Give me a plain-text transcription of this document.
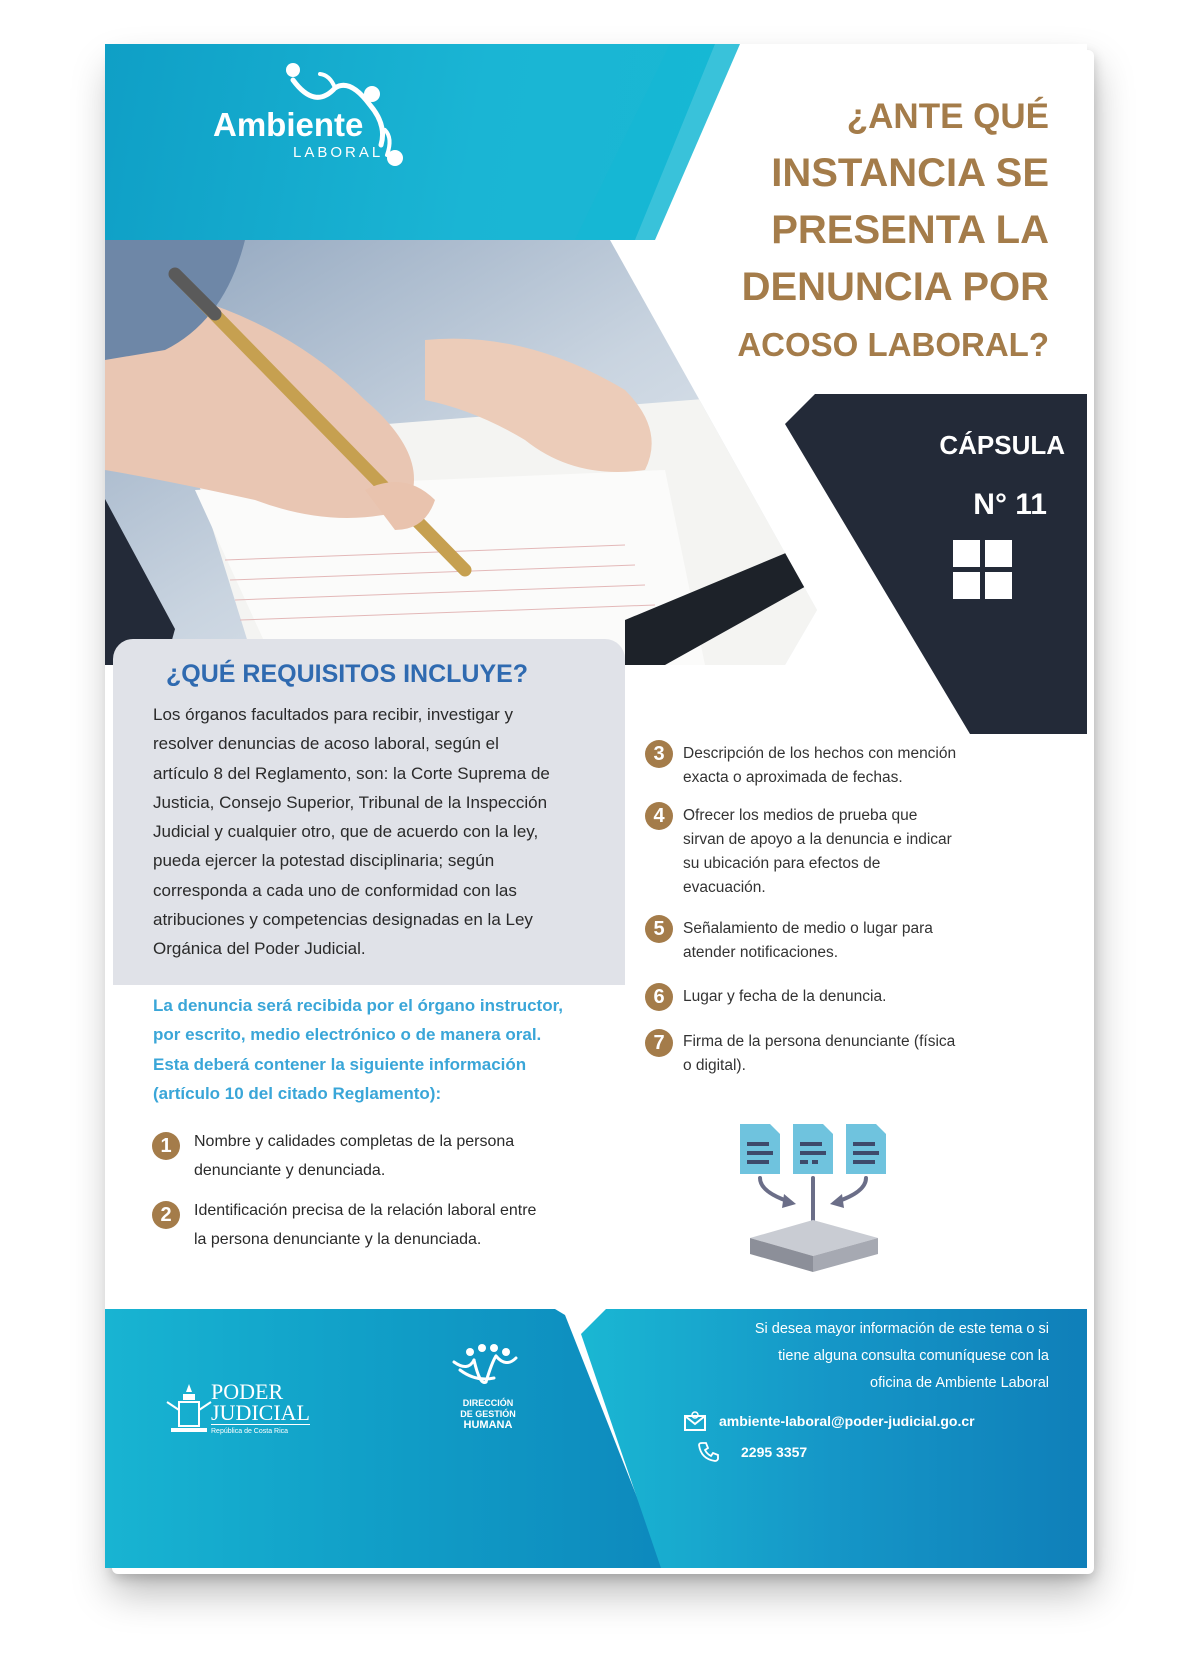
Ambiente
LABORAL
¿ANTE QUÉ
INSTANCIA SE
PRESENTA LA
DENUNCIA POR
ACOSO LABORAL?
CÁPSULA
N° 11
¿QUÉ REQUISITOS INCLUYE?
Los órganos facultados para recibir, investigar y
resolver denuncias de acoso laboral, según el
artículo 8 del Reglamento, son: la Corte Suprema de
Justicia, Consejo Superior, Tribunal de la Inspección
Judicial y cualquier otro, que de acuerdo con la ley,
pueda ejercer la potestad disciplinaria; según
corresponda a cada uno de conformidad con las
atribuciones y competencias designadas en la Ley
Orgánica del Poder Judicial.
La denuncia será recibida por el órgano instructor,
por escrito, medio electrónico o de manera oral.
Esta deberá contener la siguiente información
(artículo 10 del citado Reglamento):
1	Nombre y calidades completas de la persona
denunciante y denunciada.
2	Identificación precisa de la relación laboral entre
la persona denunciante y la denunciada.
3	Descripción de los hechos con mención
exacta o aproximada de fechas.
4	Ofrecer los medios de prueba que
sirvan de apoyo a la denuncia e indicar
su ubicación para efectos de
evacuación.
5	Señalamiento de medio o lugar para
atender notificaciones.
6	Lugar y fecha de la denuncia.
7	Firma de la persona denunciante (física
o digital).
PODER
JUDICIAL
República de Costa Rica
DIRECCIÓN
DE GESTIÓN
HUMANA
Si desea mayor información de este tema o si
tiene alguna consulta comuníquese con la
oficina de Ambiente Laboral
ambiente-laboral@poder-judicial.go.cr
2295 3357
